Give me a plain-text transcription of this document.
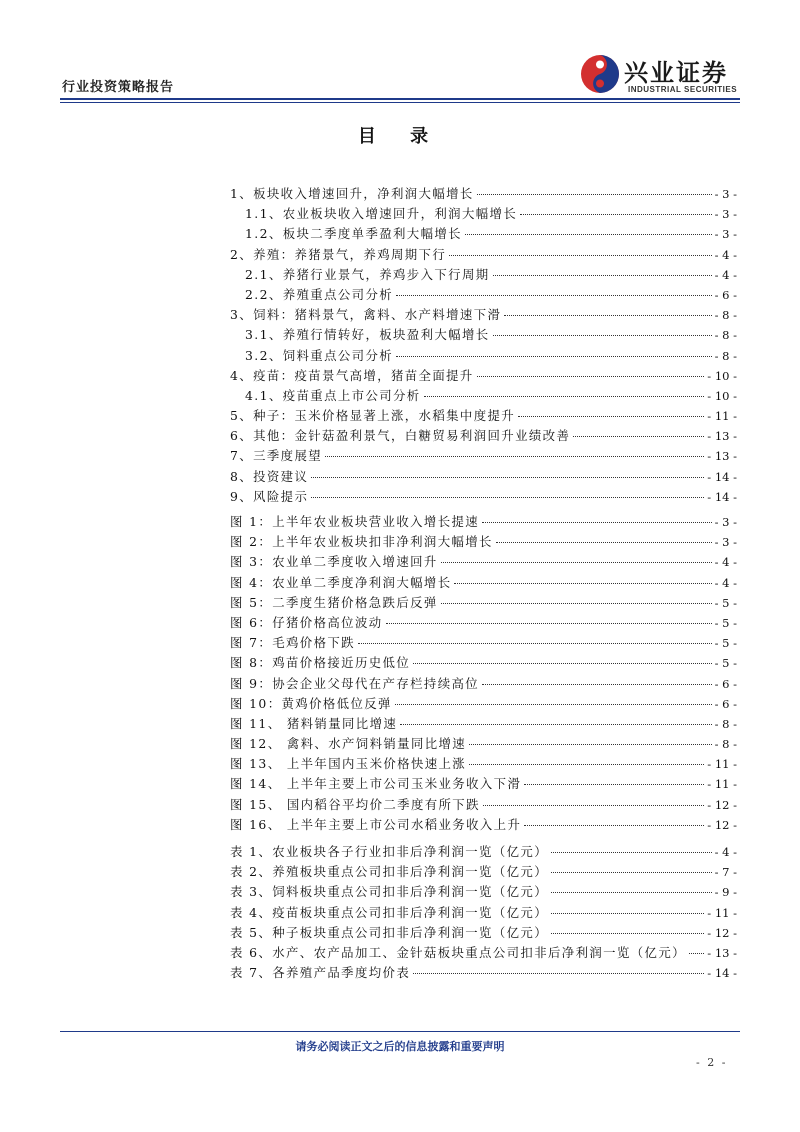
行业投资策略报告
兴业证券
INDUSTRIAL SECURITIES
目 录
1、板块收入增速回升，净利润大幅增长	- 3 -
1.1、农业板块收入增速回升，利润大幅增长	- 3 -
1.2、板块二季度单季盈利大幅增长	- 3 -
2、养殖：养猪景气，养鸡周期下行	- 4 -
2.1、养猪行业景气，养鸡步入下行周期	- 4 -
2.2、养殖重点公司分析	- 6 -
3、饲料：猪料景气，禽料、水产料增速下滑	- 8 -
3.1、养殖行情转好，板块盈利大幅增长	- 8 -
3.2、饲料重点公司分析	- 8 -
4、疫苗：疫苗景气高增，猪苗全面提升	- 10 -
4.1、疫苗重点上市公司分析	- 10 -
5、种子：玉米价格显著上涨，水稻集中度提升	- 11 -
6、其他：金针菇盈利景气，白糖贸易利润回升业绩改善	- 13 -
7、三季度展望	- 13 -
8、投资建议	- 14 -
9、风险提示	- 14 -
图 1：上半年农业板块营业收入增长提速	- 3 -
图 2：上半年农业板块扣非净利润大幅增长	- 3 -
图 3：农业单二季度收入增速回升	- 4 -
图 4：农业单二季度净利润大幅增长	- 4 -
图 5：二季度生猪价格急跌后反弹	- 5 -
图 6：仔猪价格高位波动	- 5 -
图 7：毛鸡价格下跌	- 5 -
图 8：鸡苗价格接近历史低位	- 5 -
图 9：协会企业父母代在产存栏持续高位	- 6 -
图 10：黄鸡价格低位反弹	- 6 -
图 11、 猪料销量同比增速	- 8 -
图 12、 禽料、水产饲料销量同比增速	- 8 -
图 13、 上半年国内玉米价格快速上涨	- 11 -
图 14、 上半年主要上市公司玉米业务收入下滑	- 11 -
图 15、 国内稻谷平均价二季度有所下跌	- 12 -
图 16、 上半年主要上市公司水稻业务收入上升	- 12 -
表 1、农业板块各子行业扣非后净利润一览（亿元）	- 4 -
表 2、养殖板块重点公司扣非后净利润一览（亿元）	- 7 -
表 3、饲料板块重点公司扣非后净利润一览（亿元）	- 9 -
表 4、疫苗板块重点公司扣非后净利润一览（亿元）	- 11 -
表 5、种子板块重点公司扣非后净利润一览（亿元）	- 12 -
表 6、水产、农产品加工、金针菇板块重点公司扣非后净利润一览（亿元） - 13 -
表 7、各养殖产品季度均价表	- 14 -
请务必阅读正文之后的信息披露和重要声明
- 2 -
